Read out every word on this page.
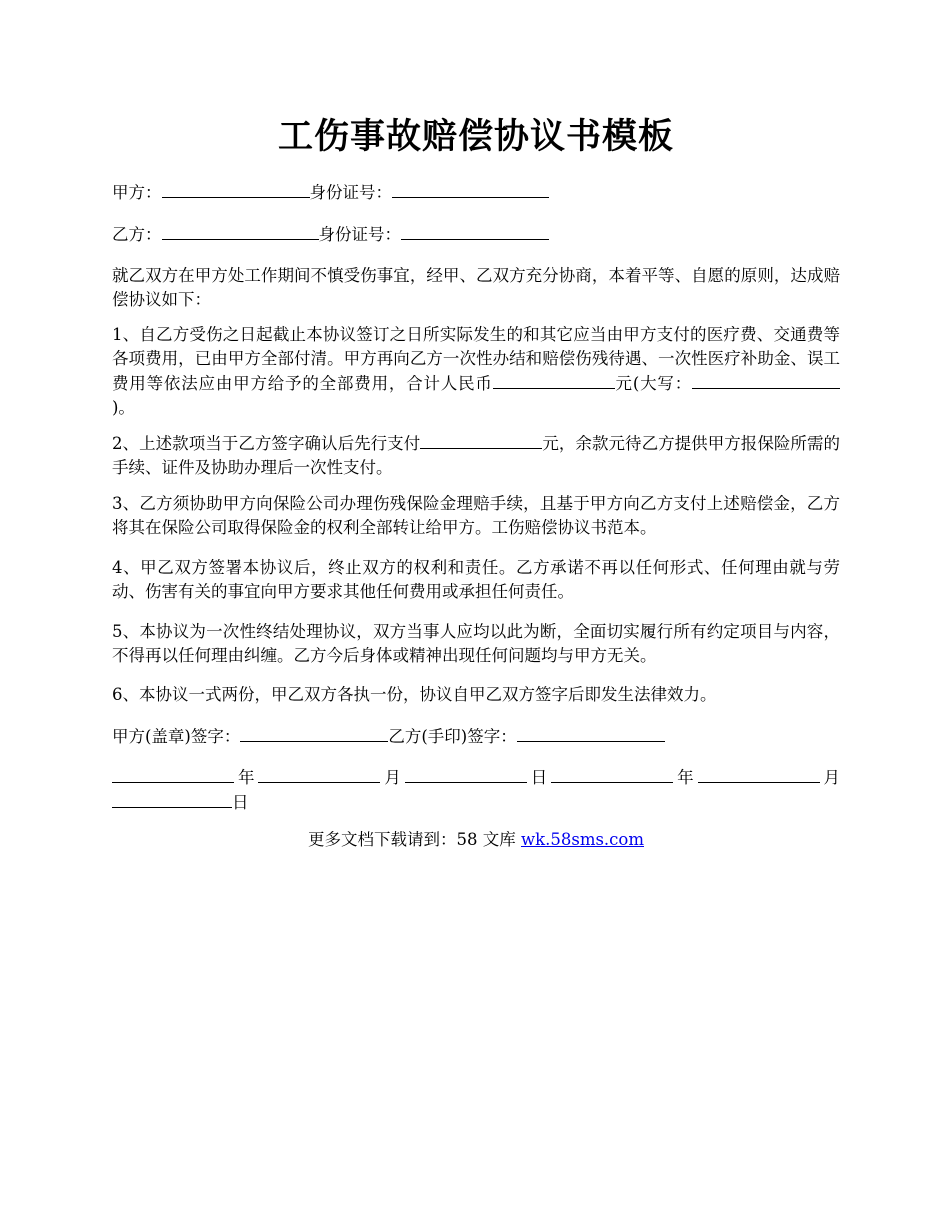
工伤事故赔偿协议书模板
甲方：	身份证号：
乙方：	身份证号：
就乙双方在甲方处工作期间不慎受伤事宜，经甲、乙双方充分协商，本着平等、自愿的原则，达成赔偿协议如下：
1、自乙方受伤之日起截止本协议签订之日所实际发生的和其它应当由甲方支付的医疗费、交通费等各项费用，已由甲方全部付清。甲方再向乙方一次性办结和赔偿伤残待遇、一次性医疗补助金、误工费用等依法应由甲方给予的全部费用，合计人民币	元(大写：)。
2、上述款项当于乙方签字确认后先行支付	元，余款元待乙方提供甲方报保险所需的手续、证件及协助办理后一次性支付。
3、乙方须协助甲方向保险公司办理伤残保险金理赔手续，且基于甲方向乙方支付上述赔偿金，乙方将其在保险公司取得保险金的权利全部转让给甲方。工伤赔偿协议书范本。
4、甲乙双方签署本协议后，终止双方的权利和责任。乙方承诺不再以任何形式、任何理由就与劳动、伤害有关的事宜向甲方要求其他任何费用或承担任何责任。
5、本协议为一次性终结处理协议，双方当事人应均以此为断，全面切实履行所有约定项目与内容，不得再以任何理由纠缠。乙方今后身体或精神出现任何问题均与甲方无关。
6、本协议一式两份，甲乙双方各执一份，协议自甲乙双方签字后即发生法律效力。
甲方(盖章)签字：	乙方(手印)签字：
年	月	日	年	月日
更多文档下载请到：58 文库 wk.58sms.com
